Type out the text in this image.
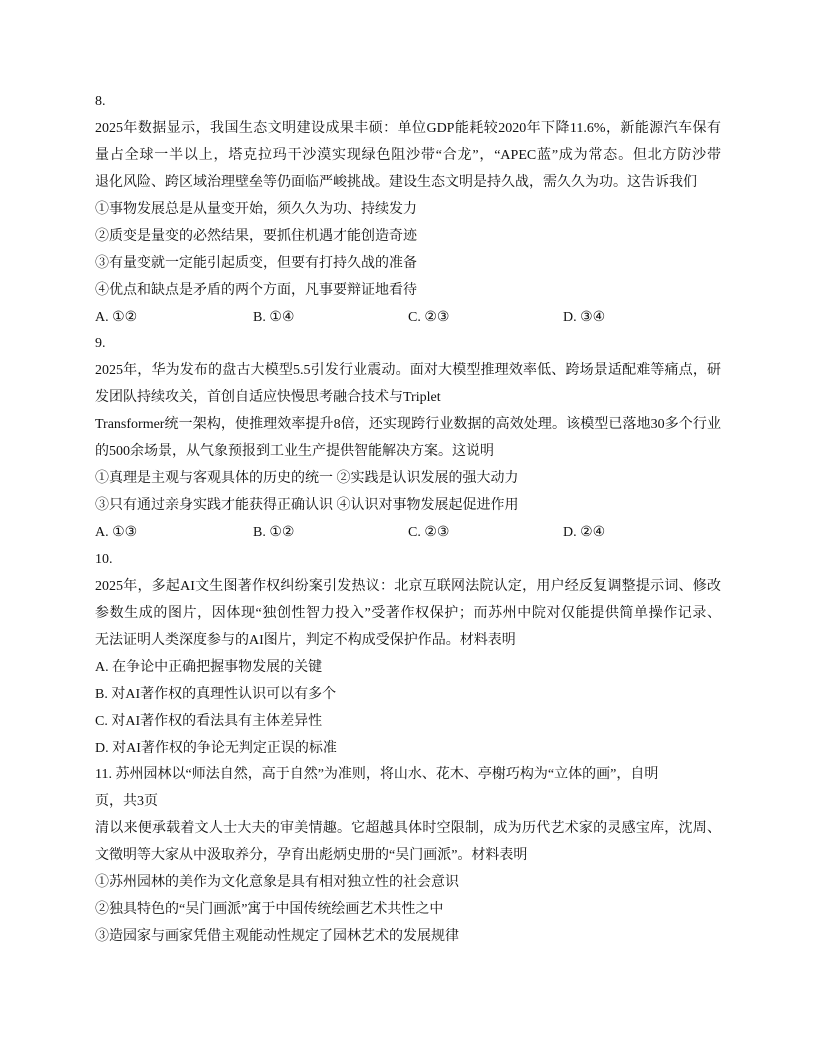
8.
2025年数据显示，我国生态文明建设成果丰硕：单位GDP能耗较2020年下降11.6%，新能源汽车保有
量占全球一半以上，塔克拉玛干沙漠实现绿色阻沙带“合龙”，“APEC蓝”成为常态。但北方防沙带
退化风险、跨区域治理壁垒等仍面临严峻挑战。建设生态文明是持久战，需久久为功。这告诉我们
①事物发展总是从量变开始，须久久为功、持续发力
②质变是量变的必然结果，要抓住机遇才能创造奇迹
③有量变就一定能引起质变，但要有打持久战的准备
④优点和缺点是矛盾的两个方面，凡事要辩证地看待
A. ①②	B. ①④	C. ②③	D. ③④
9.
2025年，华为发布的盘古大模型5.5引发行业震动。面对大模型推理效率低、跨场景适配难等痛点，研
发团队持续攻关，首创自适应快慢思考融合技术与Triplet
Transformer统一架构，使推理效率提升8倍，还实现跨行业数据的高效处理。该模型已落地30多个行业
的500余场景，从气象预报到工业生产提供智能解决方案。这说明
①真理是主观与客观具体的历史的统一 ②实践是认识发展的强大动力
③只有通过亲身实践才能获得正确认识 ④认识对事物发展起促进作用
A. ①③	B. ①②	C. ②③	D. ②④
10.
2025年，多起AI文生图著作权纠纷案引发热议：北京互联网法院认定，用户经反复调整提示词、修改
参数生成的图片，因体现“独创性智力投入”受著作权保护；而苏州中院对仅能提供简单操作记录、
无法证明人类深度参与的AI图片，判定不构成受保护作品。材料表明
A. 在争论中正确把握事物发展的关键
B. 对AI著作权的真理性认识可以有多个
C. 对AI著作权的看法具有主体差异性
D. 对AI著作权的争论无判定正误的标准
11. 苏州园林以“师法自然，高于自然”为准则，将山水、花木、亭榭巧构为“立体的画”，自明
页，共3页
清以来便承载着文人士大夫的审美情趣。它超越具体时空限制，成为历代艺术家的灵感宝库，沈周、
文徵明等大家从中汲取养分，孕育出彪炳史册的“吴门画派”。材料表明
①苏州园林的美作为文化意象是具有相对独立性的社会意识
②独具特色的“吴门画派”寓于中国传统绘画艺术共性之中
③造园家与画家凭借主观能动性规定了园林艺术的发展规律
